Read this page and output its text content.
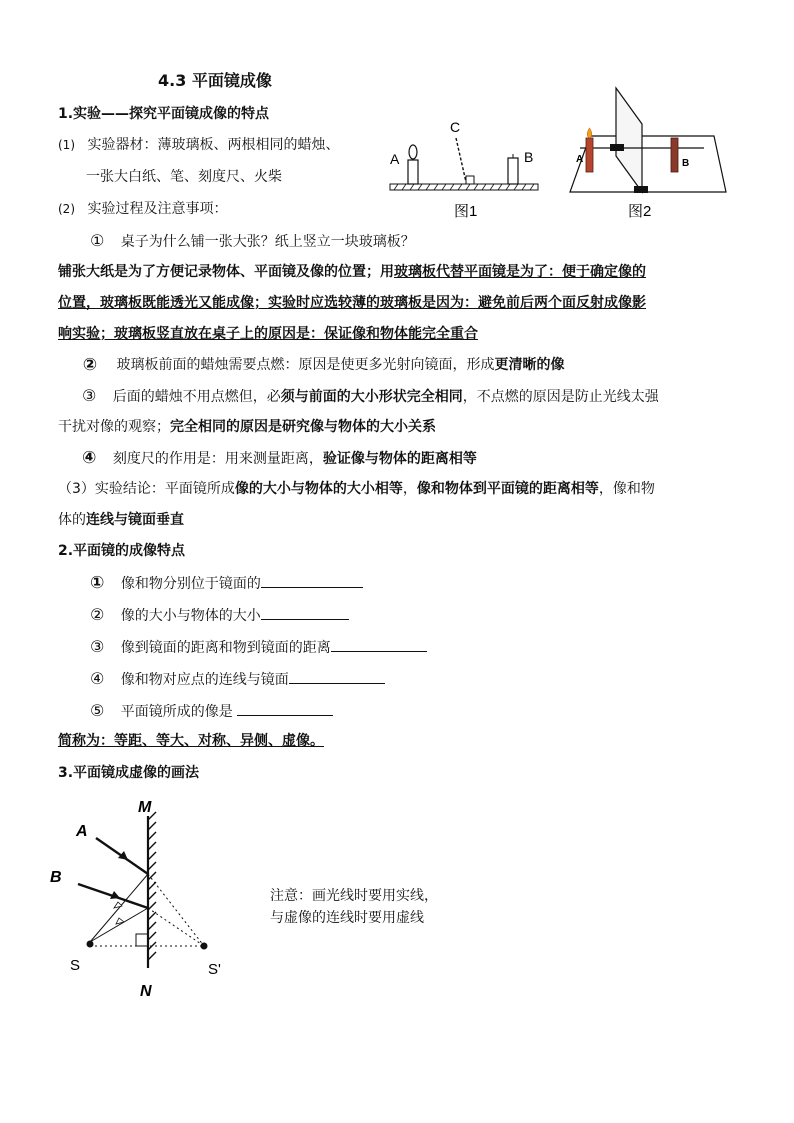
4.3 平面镜成像
1.实验——探究平面镜成像的特点
(1) 实验器材：薄玻璃板、两根相同的蜡烛、
一张大白纸、笔、刻度尺、火柴
(2) 实验过程及注意事项：
① 桌子为什么铺一张大张？纸上竖立一块玻璃板？
铺张大纸是为了方便记录物体、平面镜及像的位置；用玻璃板代替平面镜是为了：便于确定像的
位置，玻璃板既能透光又能成像；实验时应选较薄的玻璃板是因为：避免前后两个面反射成像影
响实验；玻璃板竖直放在桌子上的原因是：保证像和物体能完全重合
② 玻璃板前面的蜡烛需要点燃：原因是使更多光射向镜面，形成更清晰的像
③ 后面的蜡烛不用点燃但，必须与前面的大小形状完全相同，不点燃的原因是防止光线太强
干扰对像的观察；完全相同的原因是研究像与物体的大小关系
④ 刻度尺的作用是：用来测量距离，验证像与物体的距离相等
（3）实验结论：平面镜所成像的大小与物体的大小相等，像和物体到平面镜的距离相等，像和物
体的连线与镜面垂直
A
C
B
图1
A	B
图2
2.平面镜的成像特点
① 像和物分别位于镜面的
② 像的大小与物体的大小
③ 像到镜面的距离和物到镜面的距离
④ 像和物对应点的连线与镜面
⑤ 平面镜所成的像是
简称为：等距、等大、对称、异侧、虚像。
3.平面镜成虚像的画法
M
N
A
B
S	S'
注意：画光线时要用实线，
与虚像的连线时要用虚线
